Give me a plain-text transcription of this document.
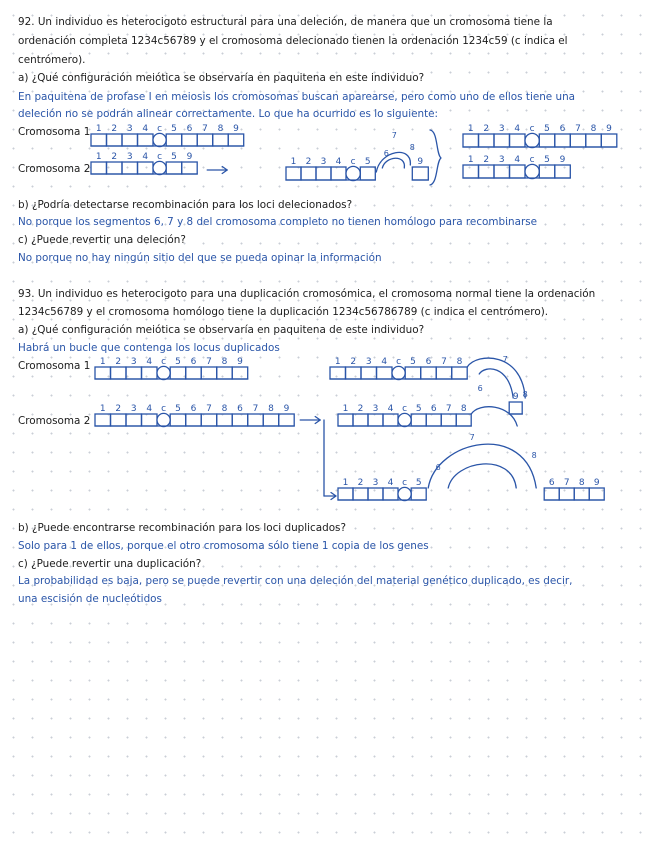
92. Un individuo es heterocigoto estructural para una deleción, de manera que un cromosoma tiene la
ordenación completa 1234c56789 y el cromosoma delecionado tienen la ordenación 1234c59 (c indica el
centrómero).
a) ¿Qué configuración meiótica se observaría en paquitena en este individuo?
En paquitena de profase I en meiosis los cromosomas buscan aparearse, pero como uno de ellos tiene una
deleción no se podrán alinear correctamente. Lo que ha ocurrido es lo siguiente:
Cromosoma 1
Cromosoma 2
b) ¿Podría detectarse recombinación para los loci delecionados?
No porque los segmentos 6, 7 y 8 del cromosoma completo no tienen homólogo para recombinarse
c) ¿Puede revertir una deleción?
No porque no hay ningún sitio del que se pueda opinar la información
93. Un individuo es heterocigoto para una duplicación cromosómica, el cromosoma normal tiene la ordenación
1234c56789 y el cromosoma homólogo tiene la duplicación 1234c56786789 (c indica el centrómero).
a) ¿Qué configuración meiótica se observaría en paquitena de este individuo?
Habrá un bucle que contenga los locus duplicados
Cromosoma 1
Cromosoma 2
b) ¿Puede encontrarse recombinación para los loci duplicados?
Solo para 1 de ellos, porque el otro cromosoma sólo tiene 1 copia de los genes
c) ¿Puede revertir una duplicación?
La probabilidad es baja, pero se puede revertir con una deleción del material genético duplicado, es decir,
una escisión de nucleótidos
1 2 3 4 c 5 6 7 8 9
1 2 3 4 c 5 9	1 2 3 4 c 5
7
6
8
9
1 2 3 4 c 5 6 7 8 9
1 2 3 4 c 5 9
1 2 3 4 c 5 6 7 8 9
1 2 3 4 c 5 6 7 8 6 7 8 9
1 2 3 4 c 5 6 7 8	7
6
8
9
1 2 3 4 c 5 6 7 8
1 2 3 4 c 5
6
7
8
6 7 8 9
